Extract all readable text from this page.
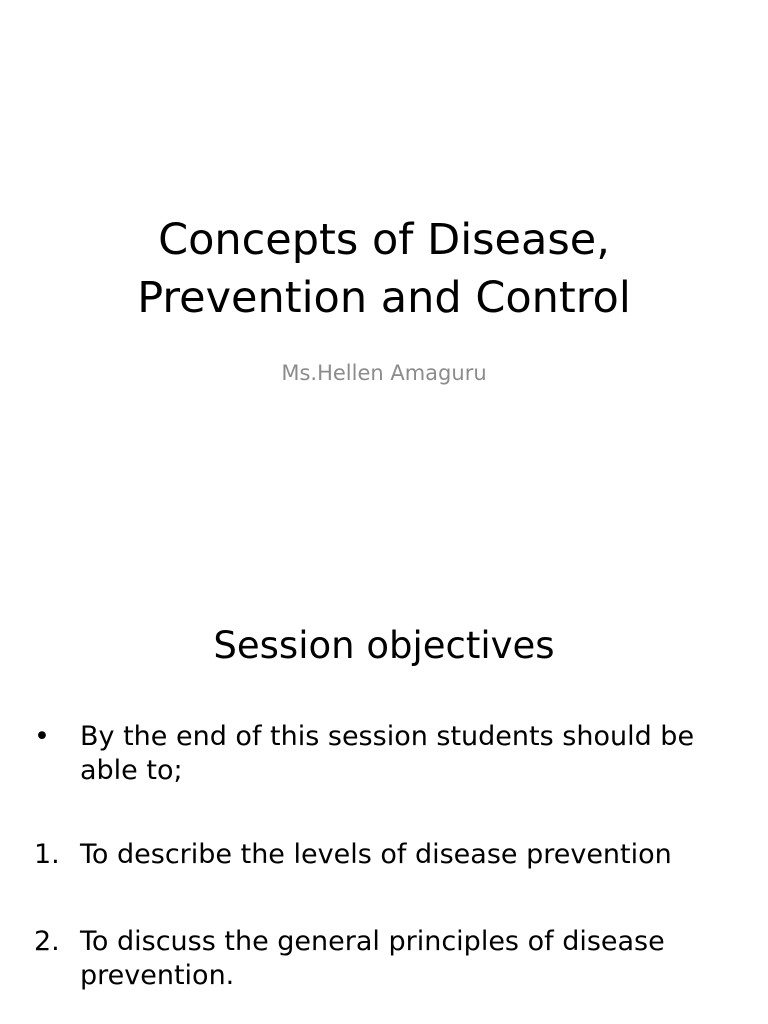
Concepts of Disease,
Prevention and Control
Ms.Hellen Amaguru
Session objectives
• By the end of this session students should be able to;
1. To describe the levels of disease prevention
2. To discuss the general principles of disease prevention.
